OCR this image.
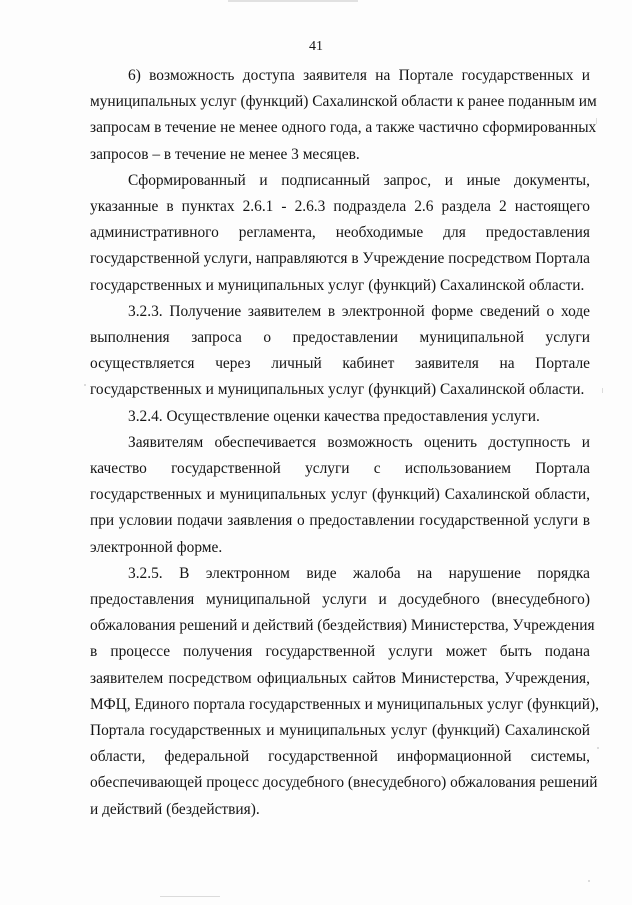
41

6) возможность доступа заявителя на Портале государственных и
муниципальных услуг (функций) Сахалинской области к ранее поданным им
запросам в течение не менее одного года, а также частично сформированных
запросов – в течение не менее 3 месяцев.

Сформированный и подписанный запрос, и иные документы,
указанные в пунктах 2.6.1 - 2.6.3 подраздела 2.6 раздела 2 настоящего
административного регламента, необходимые для предоставления
государственной услуги, направляются в Учреждение посредством Портала
государственных и муниципальных услуг (функций) Сахалинской области.

3.2.3. Получение заявителем в электронной форме сведений о ходе
выполнения запроса о предоставлении муниципальной услуги
осуществляется через личный кабинет заявителя на Портале
государственных и муниципальных услуг (функций) Сахалинской области.

3.2.4. Осуществление оценки качества предоставления услуги.

Заявителям обеспечивается возможность оценить доступность и
качество государственной услуги с использованием Портала
государственных и муниципальных услуг (функций) Сахалинской области,
при условии подачи заявления о предоставлении государственной услуги в
электронной форме.

3.2.5. В электронном виде жалоба на нарушение порядка
предоставления муниципальной услуги и досудебного (внесудебного)
обжалования решений и действий (бездействия) Министерства, Учреждения
в процессе получения государственной услуги может быть подана
заявителем посредством официальных сайтов Министерства, Учреждения,
МФЦ, Единого портала государственных и муниципальных услуг (функций),
Портала государственных и муниципальных услуг (функций) Сахалинской
области, федеральной государственной информационной системы,
обеспечивающей процесс досудебного (внесудебного) обжалования решений
и действий (бездействия).
